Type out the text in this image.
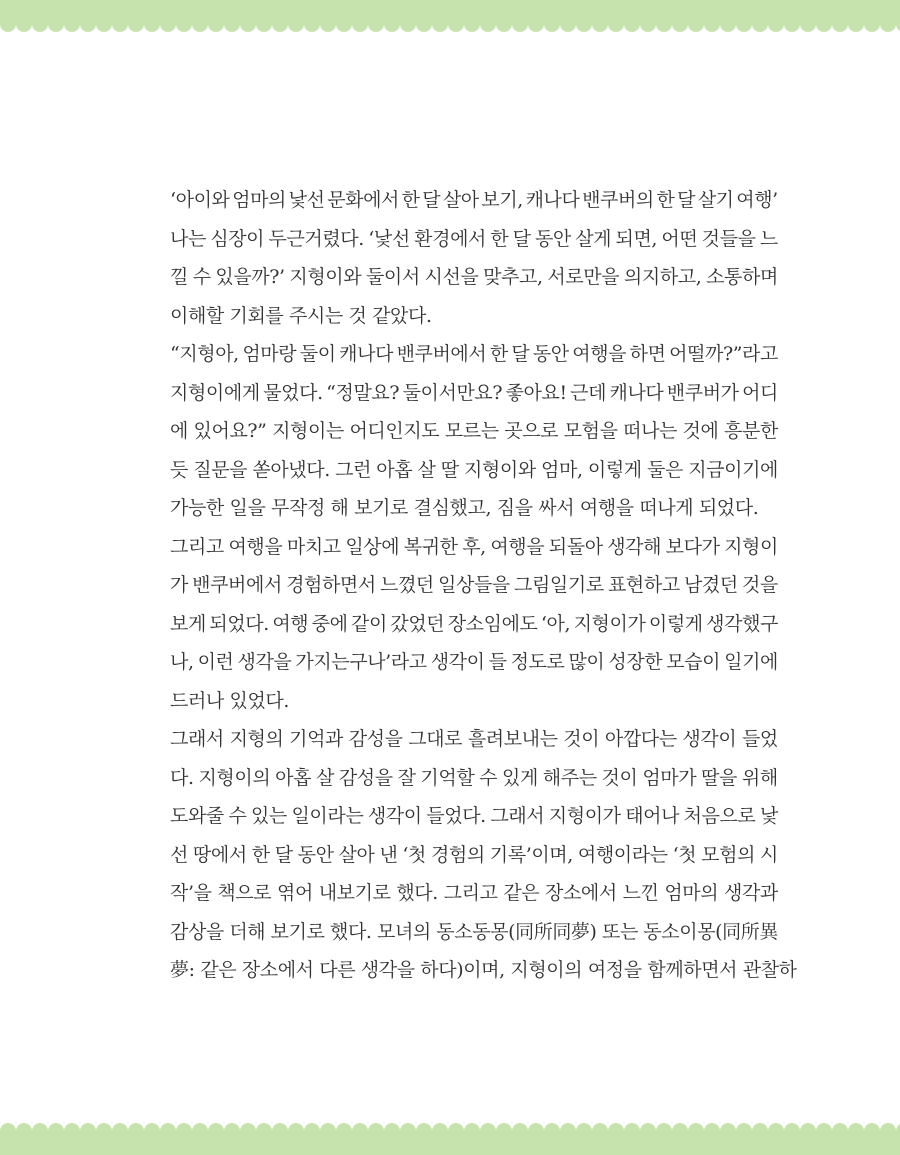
‘아이와 엄마의 낯선 문화에서 한 달 살아 보기, 캐나다 밴쿠버의 한 달 살기 여행’
나는 심장이 두근거렸다. ‘낯선 환경에서 한 달 동안 살게 되면, 어떤 것들을 느
낄 수 있을까?’ 지형이와 둘이서 시선을 맞추고, 서로만을 의지하고, 소통하며
이해할 기회를 주시는 것 같았다.
“지형아, 엄마랑 둘이 캐나다 밴쿠버에서 한 달 동안 여행을 하면 어떨까?”라고
지형이에게 물었다. “정말요? 둘이서만요? 좋아요! 근데 캐나다 밴쿠버가 어디
에 있어요?” 지형이는 어디인지도 모르는 곳으로 모험을 떠나는 것에 흥분한
듯 질문을 쏟아냈다. 그런 아홉 살 딸 지형이와 엄마, 이렇게 둘은 지금이기에
가능한 일을 무작정 해 보기로 결심했고, 짐을 싸서 여행을 떠나게 되었다.
그리고 여행을 마치고 일상에 복귀한 후, 여행을 되돌아 생각해 보다가 지형이
가 밴쿠버에서 경험하면서 느꼈던 일상들을 그림일기로 표현하고 남겼던 것을
보게 되었다. 여행 중에 같이 갔었던 장소임에도 ‘아, 지형이가 이렇게 생각했구
나, 이런 생각을 가지는구나’라고 생각이 들 정도로 많이 성장한 모습이 일기에
드러나 있었다.
그래서 지형의 기억과 감성을 그대로 흘려보내는 것이 아깝다는 생각이 들었
다. 지형이의 아홉 살 감성을 잘 기억할 수 있게 해주는 것이 엄마가 딸을 위해
도와줄 수 있는 일이라는 생각이 들었다. 그래서 지형이가 태어나 처음으로 낯
선 땅에서 한 달 동안 살아 낸 ‘첫 경험의 기록’이며, 여행이라는 ‘첫 모험의 시
작’을 책으로 엮어 내보기로 했다. 그리고 같은 장소에서 느낀 엄마의 생각과
감상을 더해 보기로 했다. 모녀의 동소동몽(同所同夢) 또는 동소이몽(同所異
夢: 같은 장소에서 다른 생각을 하다)이며, 지형이의 여정을 함께하면서 관찰하
